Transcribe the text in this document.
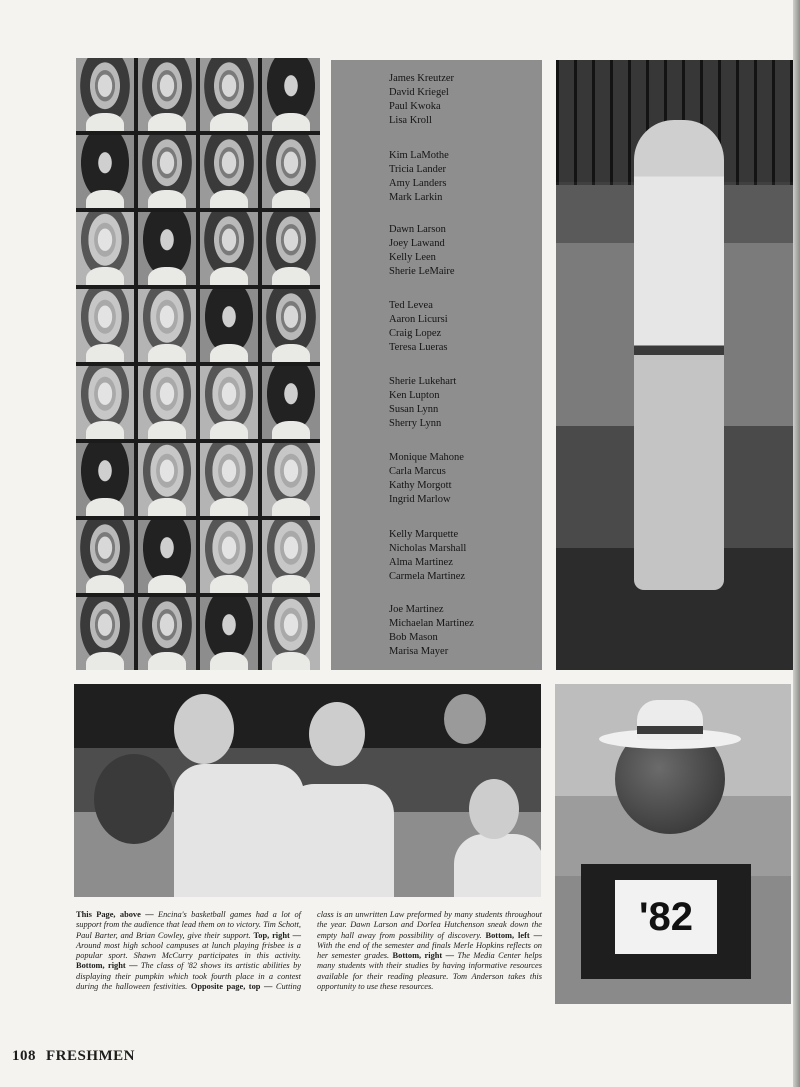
James Kreutzer
David Kriegel
Paul Kwoka
Lisa Kroll
Kim LaMothe
Tricia Lander
Amy Landers
Mark Larkin
Dawn Larson
Joey Lawand
Kelly Leen
Sherie LeMaire
Ted Levea
Aaron Licursi
Craig Lopez
Teresa Lueras
Sherie Lukehart
Ken Lupton
Susan Lynn
Sherry Lynn
Monique Mahone
Carla Marcus
Kathy Morgott
Ingrid Marlow
Kelly Marquette
Nicholas Marshall
Alma Martinez
Carmela Martinez
Joe Martinez
Michaelan Martinez
Bob Mason
Marisa Mayer
'82
This Page, above — Encina's basketball games had a lot of support from the audience that lead them on to victory. Tim Schott, Paul Barter, and Brian Cowley, give their support. Top, right — Around most high school campuses at lunch playing frisbee is a popular sport. Shawn McCurry participates in this activity. Bottom, right — The class of '82 shows its artistic abilities by displaying their pumpkin which took fourth place in a contest during the halloween festivities. Opposite page, top — Cutting class is an unwritten Law preformed by many students throughout the year. Dawn Larson and Dorlea Hutchenson sneak down the empty hall away from possibility of discovery. Bottom, left — With the end of the semester and finals Merle Hopkins reflects on her semester grades. Bottom, right — The Media Center helps many students with their studies by having informative resources available for their reading pleasure. Tom Anderson takes this opportunity to use these resources.
108 FRESHMEN
